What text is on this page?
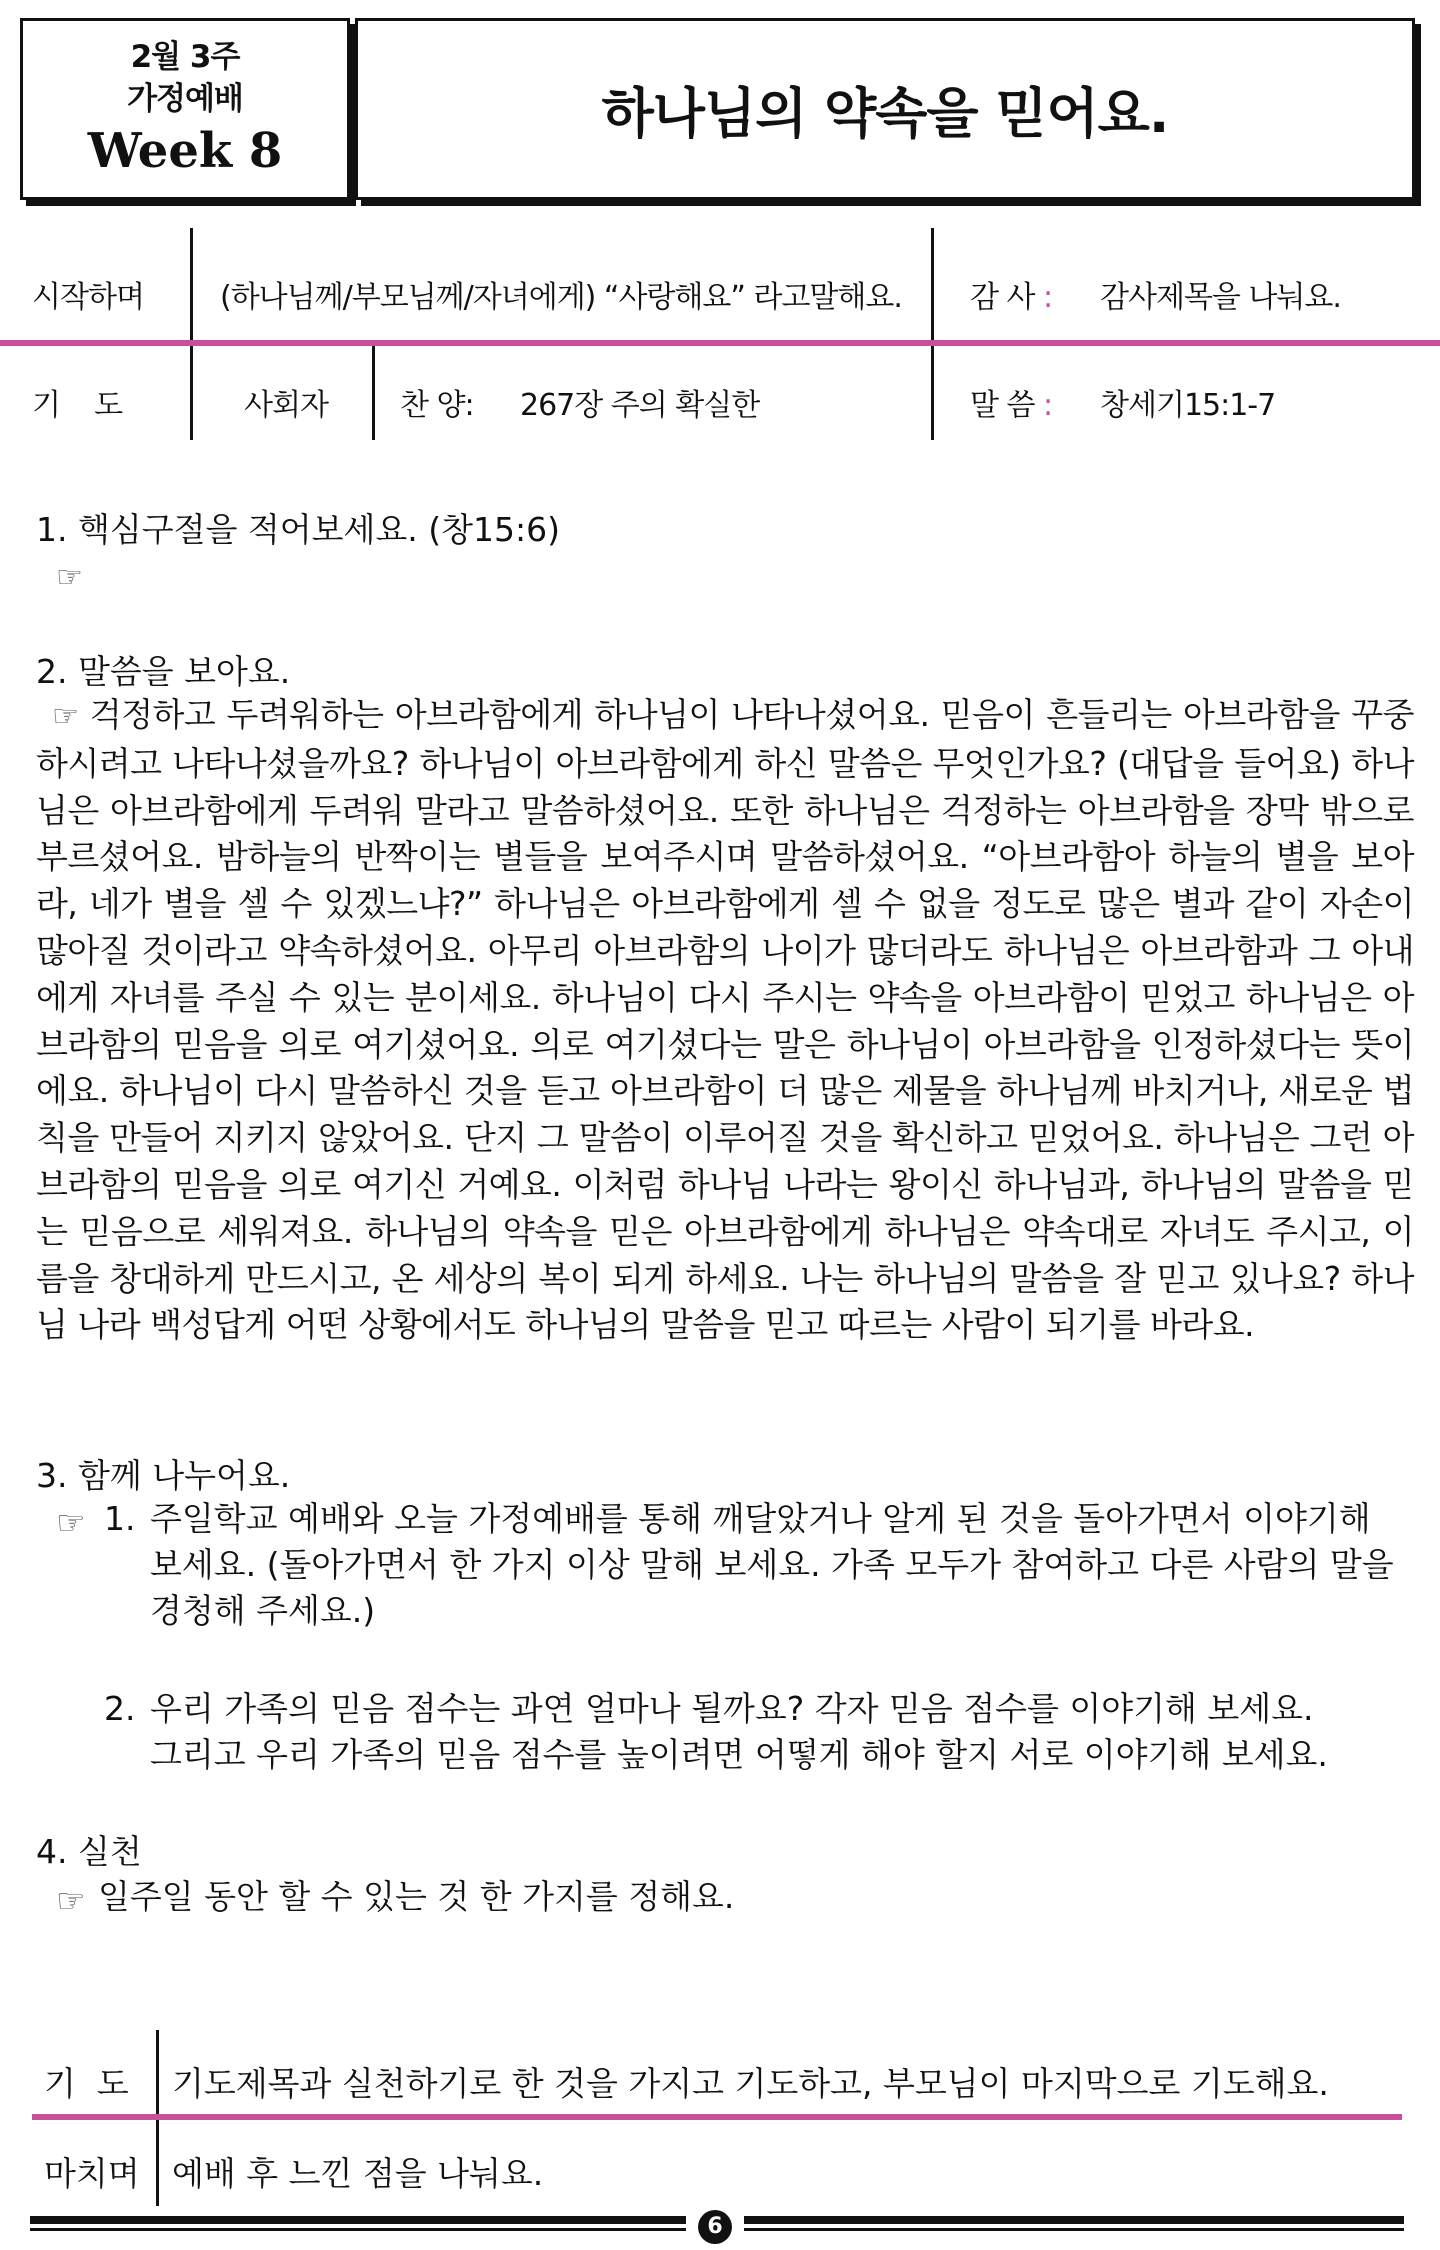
2월 3주
가정예배
Week 8
하나님의 약속을 믿어요.
시작하며	(하나님께/부모님께/자녀에게) “사랑해요” 라고말해요. 감 사 : 감사제목을 나눠요.
기    도	사회자 찬 양: 267장 주의 확실한	말 씀 : 창세기15:1-7
1. 핵심구절을 적어보세요. (창15:6)
☞
2. 말씀을 보아요.
☞ 걱정하고 두려워하는 아브라함에게 하나님이 나타나셨어요. 믿음이 흔들리는 아브라함을 꾸중하시려고 나타나셨을까요? 하나님이 아브라함에게 하신 말씀은 무엇인가요? (대답을 들어요) 하나님은 아브라함에게 두려워 말라고 말씀하셨어요. 또한 하나님은 걱정하는 아브라함을 장막 밖으로 부르셨어요. 밤하늘의 반짝이는 별들을 보여주시며 말씀하셨어요. “아브라함아 하늘의 별을 보아라, 네가 별을 셀 수 있겠느냐?” 하나님은 아브라함에게 셀 수 없을 정도로 많은 별과 같이 자손이 많아질 것이라고 약속하셨어요. 아무리 아브라함의 나이가 많더라도 하나님은 아브라함과 그 아내에게 자녀를 주실 수 있는 분이세요. 하나님이 다시 주시는 약속을 아브라함이 믿었고 하나님은 아브라함의 믿음을 의로 여기셨어요. 의로 여기셨다는 말은 하나님이 아브라함을 인정하셨다는 뜻이에요. 하나님이 다시 말씀하신 것을 듣고 아브라함이 더 많은 제물을 하나님께 바치거나, 새로운 법칙을 만들어 지키지 않았어요. 단지 그 말씀이 이루어질 것을 확신하고 믿었어요. 하나님은 그런 아브라함의 믿음을 의로 여기신 거예요. 이처럼 하나님 나라는 왕이신 하나님과, 하나님의 말씀을 믿는 믿음으로 세워져요. 하나님의 약속을 믿은 아브라함에게 하나님은 약속대로 자녀도 주시고, 이름을 창대하게 만드시고, 온 세상의 복이 되게 하세요. 나는 하나님의 말씀을 잘 믿고 있나요? 하나님 나라 백성답게 어떤 상황에서도 하나님의 말씀을 믿고 따르는 사람이 되기를 바라요.
3. 함께 나누어요.
☞ 1. 주일학교 예배와 오늘 가정예배를 통해 깨달았거나 알게 된 것을 돌아가면서 이야기해
보세요. (돌아가면서 한 가지 이상 말해 보세요. 가족 모두가 참여하고 다른 사람의 말을
경청해 주세요.)
2. 우리 가족의 믿음 점수는 과연 얼마나 될까요? 각자 믿음 점수를 이야기해 보세요.
그리고 우리 가족의 믿음 점수를 높이려면 어떻게 해야 할지 서로 이야기해 보세요.
4. 실천
☞ 일주일 동안 할 수 있는 것 한 가지를 정해요.
기  도 기도제목과 실천하기로 한 것을 가지고 기도하고, 부모님이 마지막으로 기도해요.
마치며 예배 후 느낀 점을 나눠요.
6
